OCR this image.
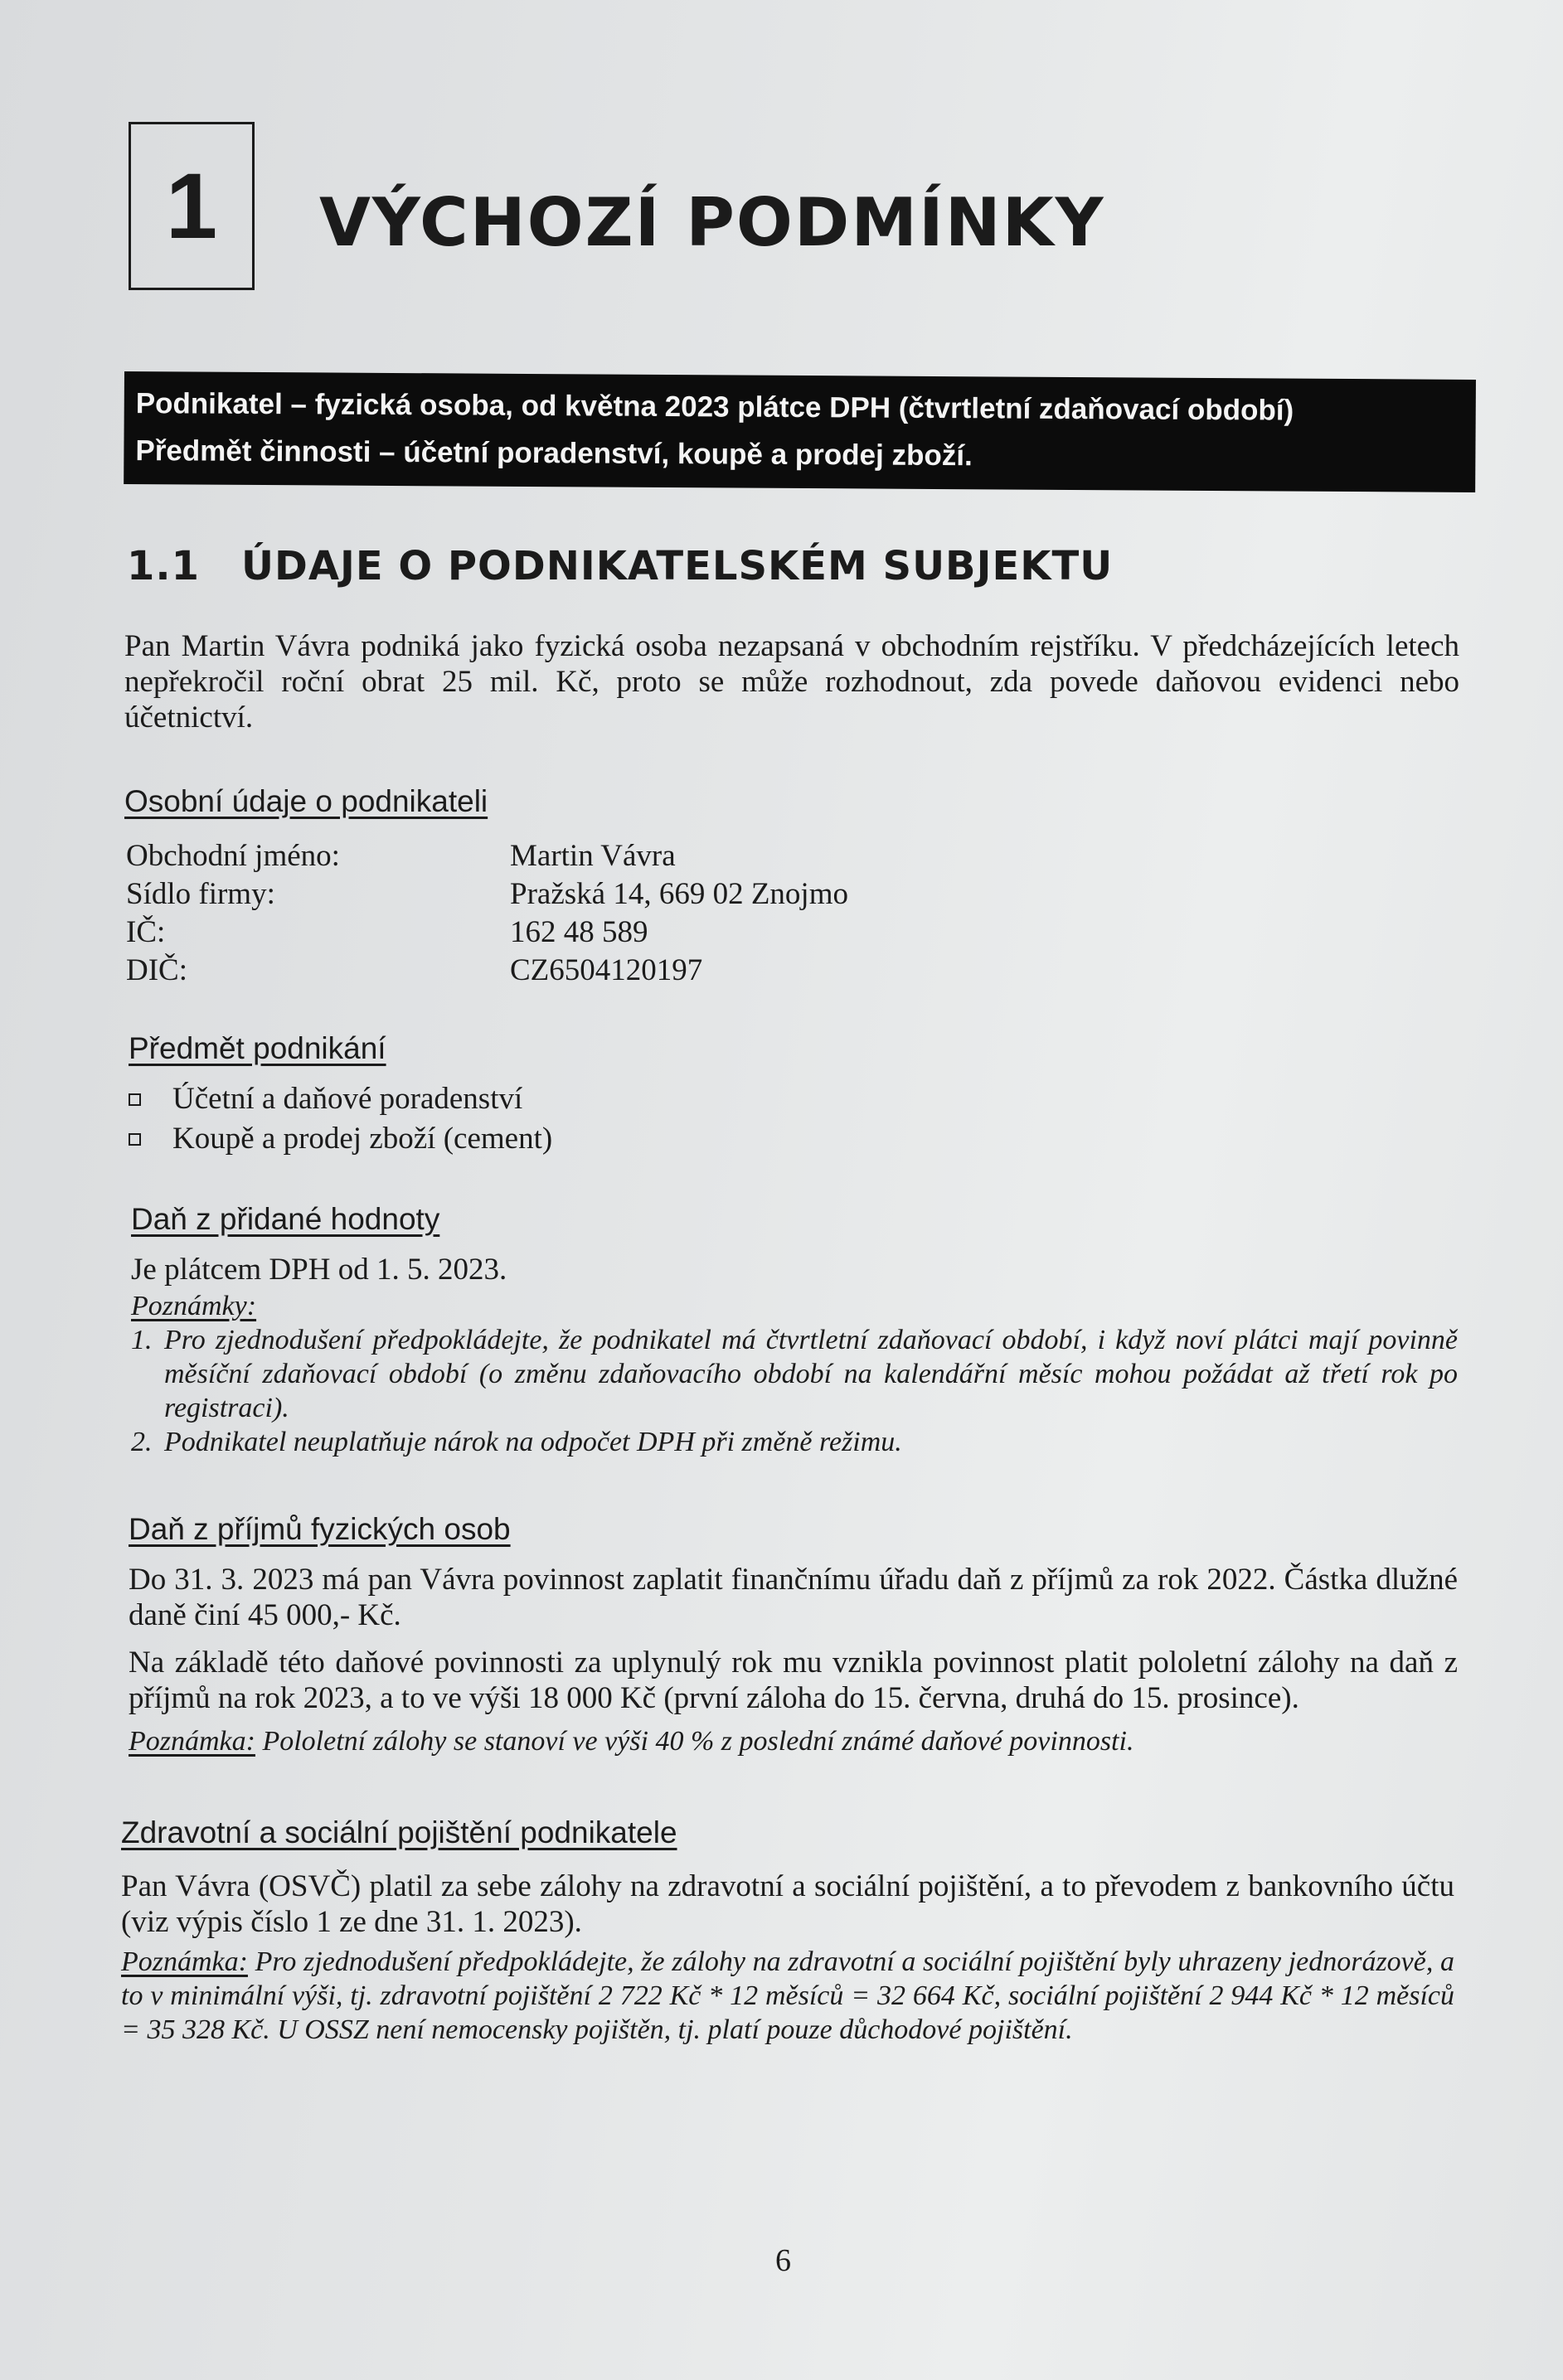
1 VÝCHOZÍ PODMÍNKY
Podnikatel – fyzická osoba, od května 2023 plátce DPH (čtvrtletní zdaňovací období)
Předmět činnosti – účetní poradenství, koupě a prodej zboží.
1.1 ÚDAJE O PODNIKATELSKÉM SUBJEKTU

Pan Martin Vávra podniká jako fyzická osoba nezapsaná v obchodním rejstříku. V předcházejících letech nepřekročil roční obrat 25 mil. Kč, proto se může rozhodnout, zda povede daňovou evidenci nebo účetnictví.

Osobní údaje o podnikateli

Obchodní jméno:	Martin Vávra
Sídlo firmy:	Pražská 14, 669 02 Znojmo
IČ:	162 48 589
DIČ:	CZ6504120197

Předmět podnikání

Účetní a daňové poradenství
Koupě a prodej zboží (cement)

Daň z přidané hodnoty

Je plátcem DPH od 1. 5. 2023.

Poznámky:

1. Pro zjednodušení předpokládejte, že podnikatel má čtvrtletní zdaňovací období, i když noví plátci mají povinně měsíční zdaňovací období (o změnu zdaňovacího období na kalendářní měsíc mohou požádat až třetí rok po registraci).
2. Podnikatel neuplatňuje nárok na odpočet DPH při změně režimu.

Daň z příjmů fyzických osob

Do 31. 3. 2023 má pan Vávra povinnost zaplatit finančnímu úřadu daň z příjmů za rok 2022. Částka dlužné daně činí 45 000,- Kč.

Na základě této daňové povinnosti za uplynulý rok mu vznikla povinnost platit pololetní zálohy na daň z příjmů na rok 2023, a to ve výši 18 000 Kč (první záloha do 15. června, druhá do 15. prosince).

Poznámka: Pololetní zálohy se stanoví ve výši 40 % z poslední známé daňové povinnosti.

Zdravotní a sociální pojištění podnikatele

Pan Vávra (OSVČ) platil za sebe zálohy na zdravotní a sociální pojištění, a to převodem z bankovního účtu (viz výpis číslo 1 ze dne 31. 1. 2023).

Poznámka: Pro zjednodušení předpokládejte, že zálohy na zdravotní a sociální pojištění byly uhrazeny jednorázově, a to v minimální výši, tj. zdravotní pojištění 2 722 Kč * 12 měsíců = 32 664 Kč, sociální pojištění 2 944 Kč * 12 měsíců = 35 328 Kč. U OSSZ není nemocensky pojištěn, tj. platí pouze důchodové pojištění.

6
